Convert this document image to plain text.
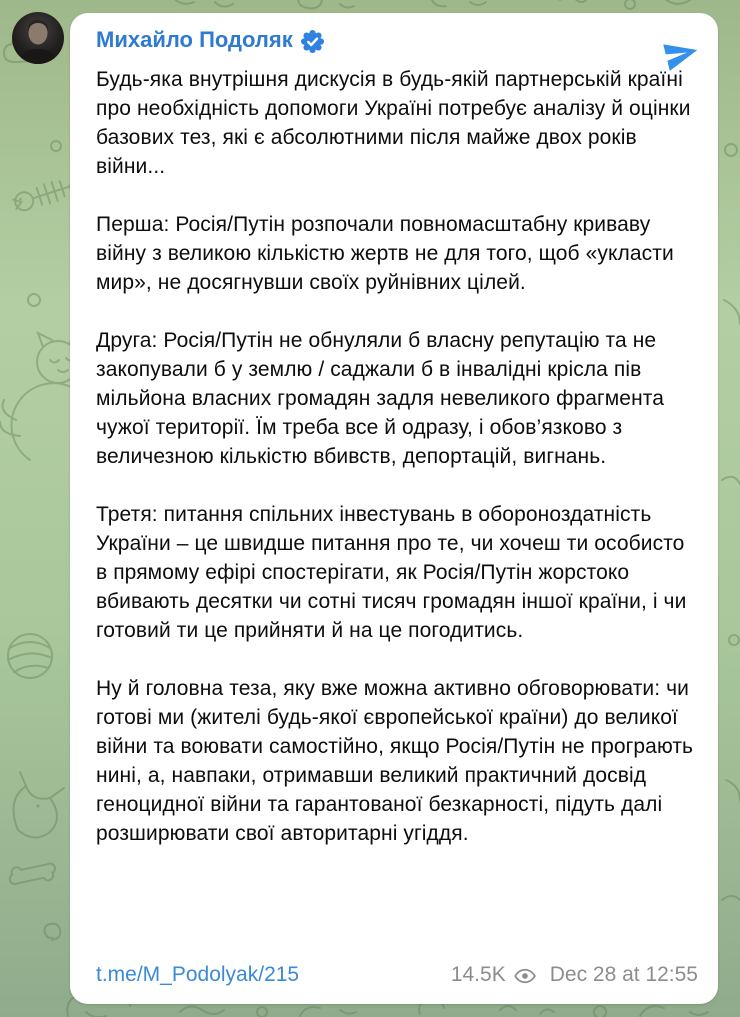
Михайло Подоляк

Будь-яка внутрішня дискусія в будь-якій партнерській країні про необхідність допомоги Україні потребує аналізу й оцінки базових тез, які є абсолютними після майже двох років війни...

Перша: Росія/Путін розпочали повномасштабну криваву війну з великою кількістю жертв не для того, щоб «укласти мир», не досягнувши своїх руйнівних цілей.

Друга: Росія/Путін не обнуляли б власну репутацію та не закопували б у землю / саджали б в інвалідні крісла пів мільйона власних громадян задля невеликого фрагмента чужої території. Їм треба все й одразу, і обов’язково з величезною кількістю вбивств, депортацій, вигнань.

Третя: питання спільних інвестувань в обороноздатність України – це швидше питання про те, чи хочеш ти особисто в прямому ефірі спостерігати, як Росія/Путін жорстоко вбивають десятки чи сотні тисяч громадян іншої країни, і чи готовий ти це прийняти й на це погодитись.

Ну й головна теза, яку вже можна активно обговорювати: чи готові ми (жителі будь-якої європейської країни) до великої війни та воювати самостійно, якщо Росія/Путін не програють нині, а, навпаки, отримавши великий практичний досвід геноцидної війни та гарантованої безкарності, підуть далі розширювати свої авторитарні угіддя.

t.me/M_Podolyak/215	14.5K Dec 28 at 12:55
